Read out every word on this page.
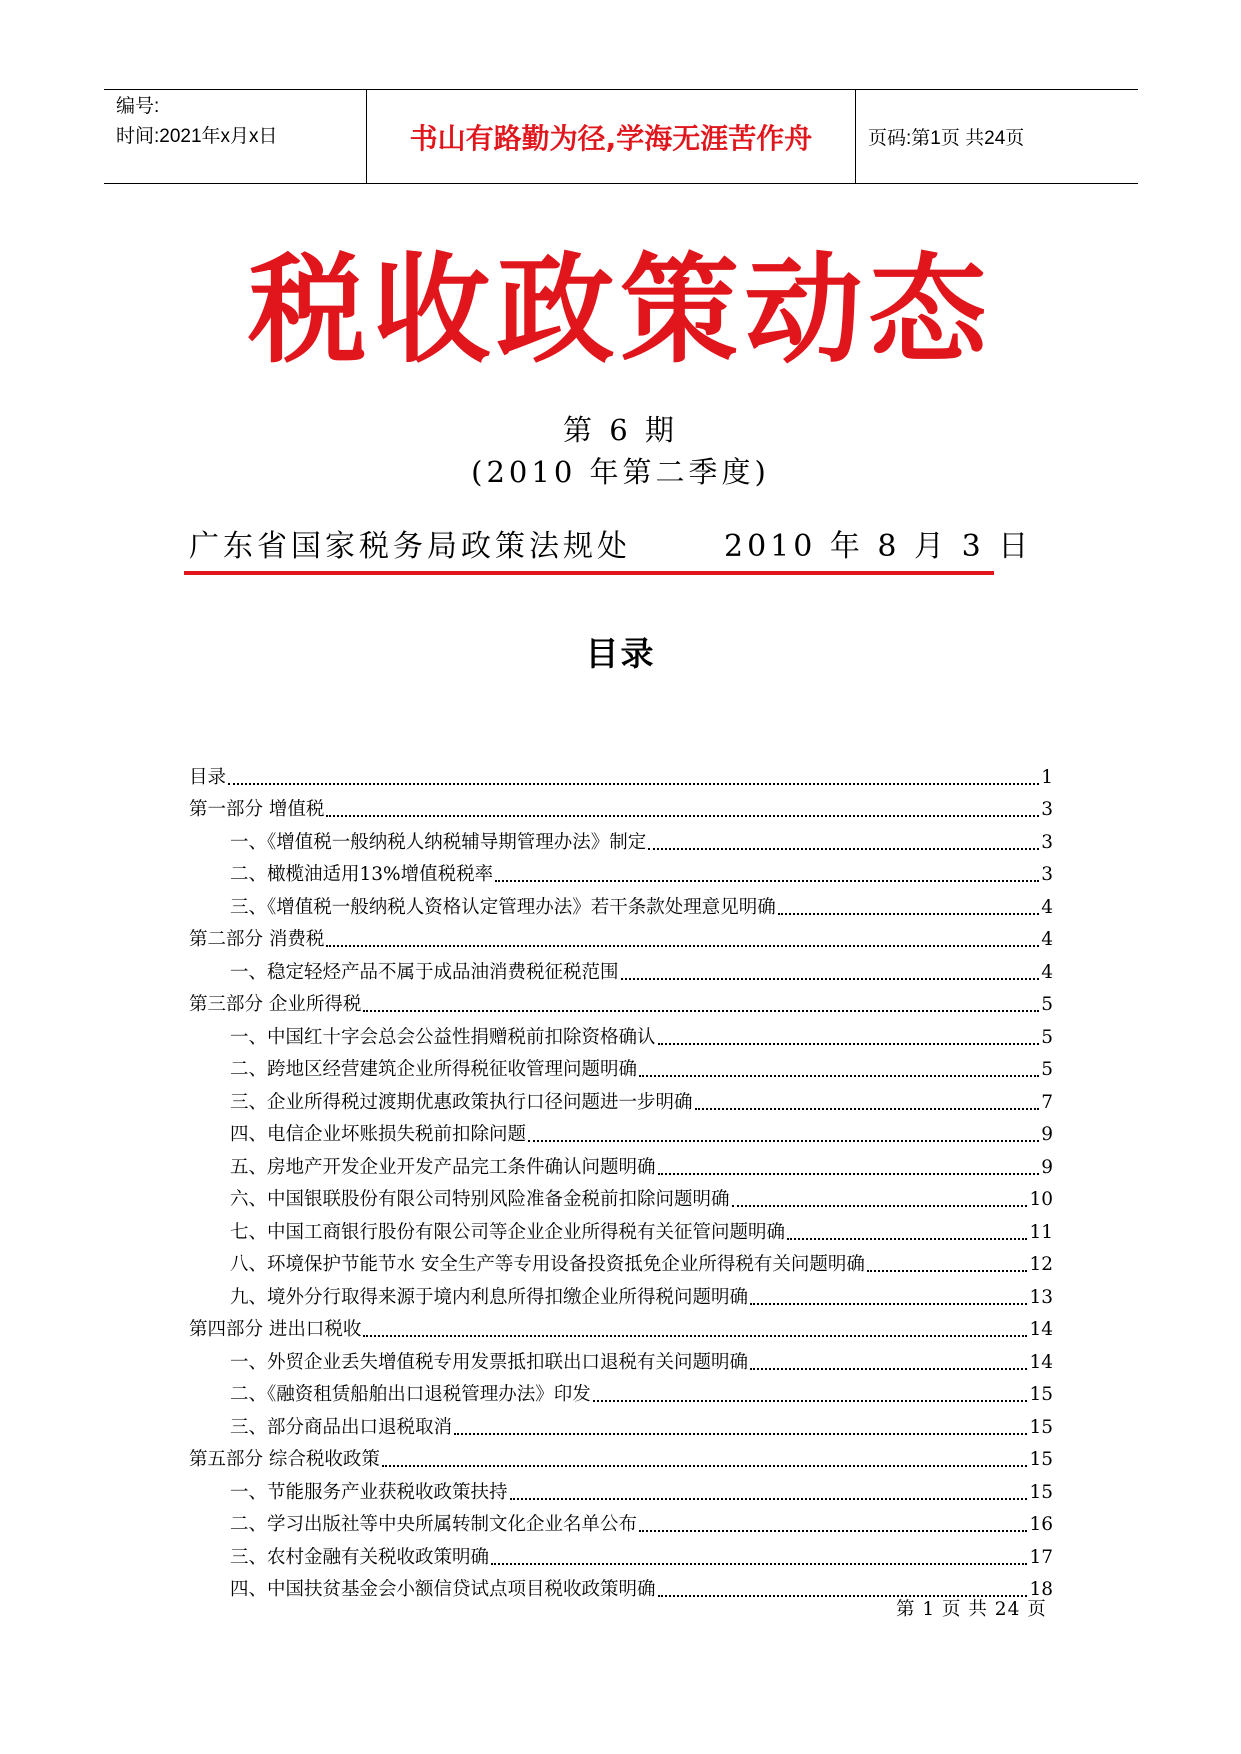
编号:
时间:2021年x月x日	书山有路勤为径,学海无涯苦作舟	页码:第1页 共24页
税收政策动态
第 6 期
(2010 年第二季度)
广东省国家税务局政策法规处	2010 年 8 月 3 日
目录
目录	1
第一部分 增值税	3
一、《增值税一般纳税人纳税辅导期管理办法》制定	3
二、橄榄油适用13%增值税税率	3
三、《增值税一般纳税人资格认定管理办法》若干条款处理意见明确	4
第二部分 消费税	4
一、稳定轻烃产品不属于成品油消费税征税范围	4
第三部分 企业所得税	5
一、中国红十字会总会公益性捐赠税前扣除资格确认	5
二、跨地区经营建筑企业所得税征收管理问题明确	5
三、企业所得税过渡期优惠政策执行口径问题进一步明确	7
四、电信企业坏账损失税前扣除问题	9
五、房地产开发企业开发产品完工条件确认问题明确	9
六、中国银联股份有限公司特别风险准备金税前扣除问题明确	10
七、中国工商银行股份有限公司等企业企业所得税有关征管问题明确	11
八、环境保护节能节水 安全生产等专用设备投资抵免企业所得税有关问题明确	12
九、境外分行取得来源于境内利息所得扣缴企业所得税问题明确	13
第四部分 进出口税收	14
一、外贸企业丢失增值税专用发票抵扣联出口退税有关问题明确	14
二、《融资租赁船舶出口退税管理办法》印发	15
三、部分商品出口退税取消	15
第五部分 综合税收政策	15
一、节能服务产业获税收政策扶持	15
二、学习出版社等中央所属转制文化企业名单公布	16
三、农村金融有关税收政策明确	17
四、中国扶贫基金会小额信贷试点项目税收政策明确	18
第 1 页 共 24 页
